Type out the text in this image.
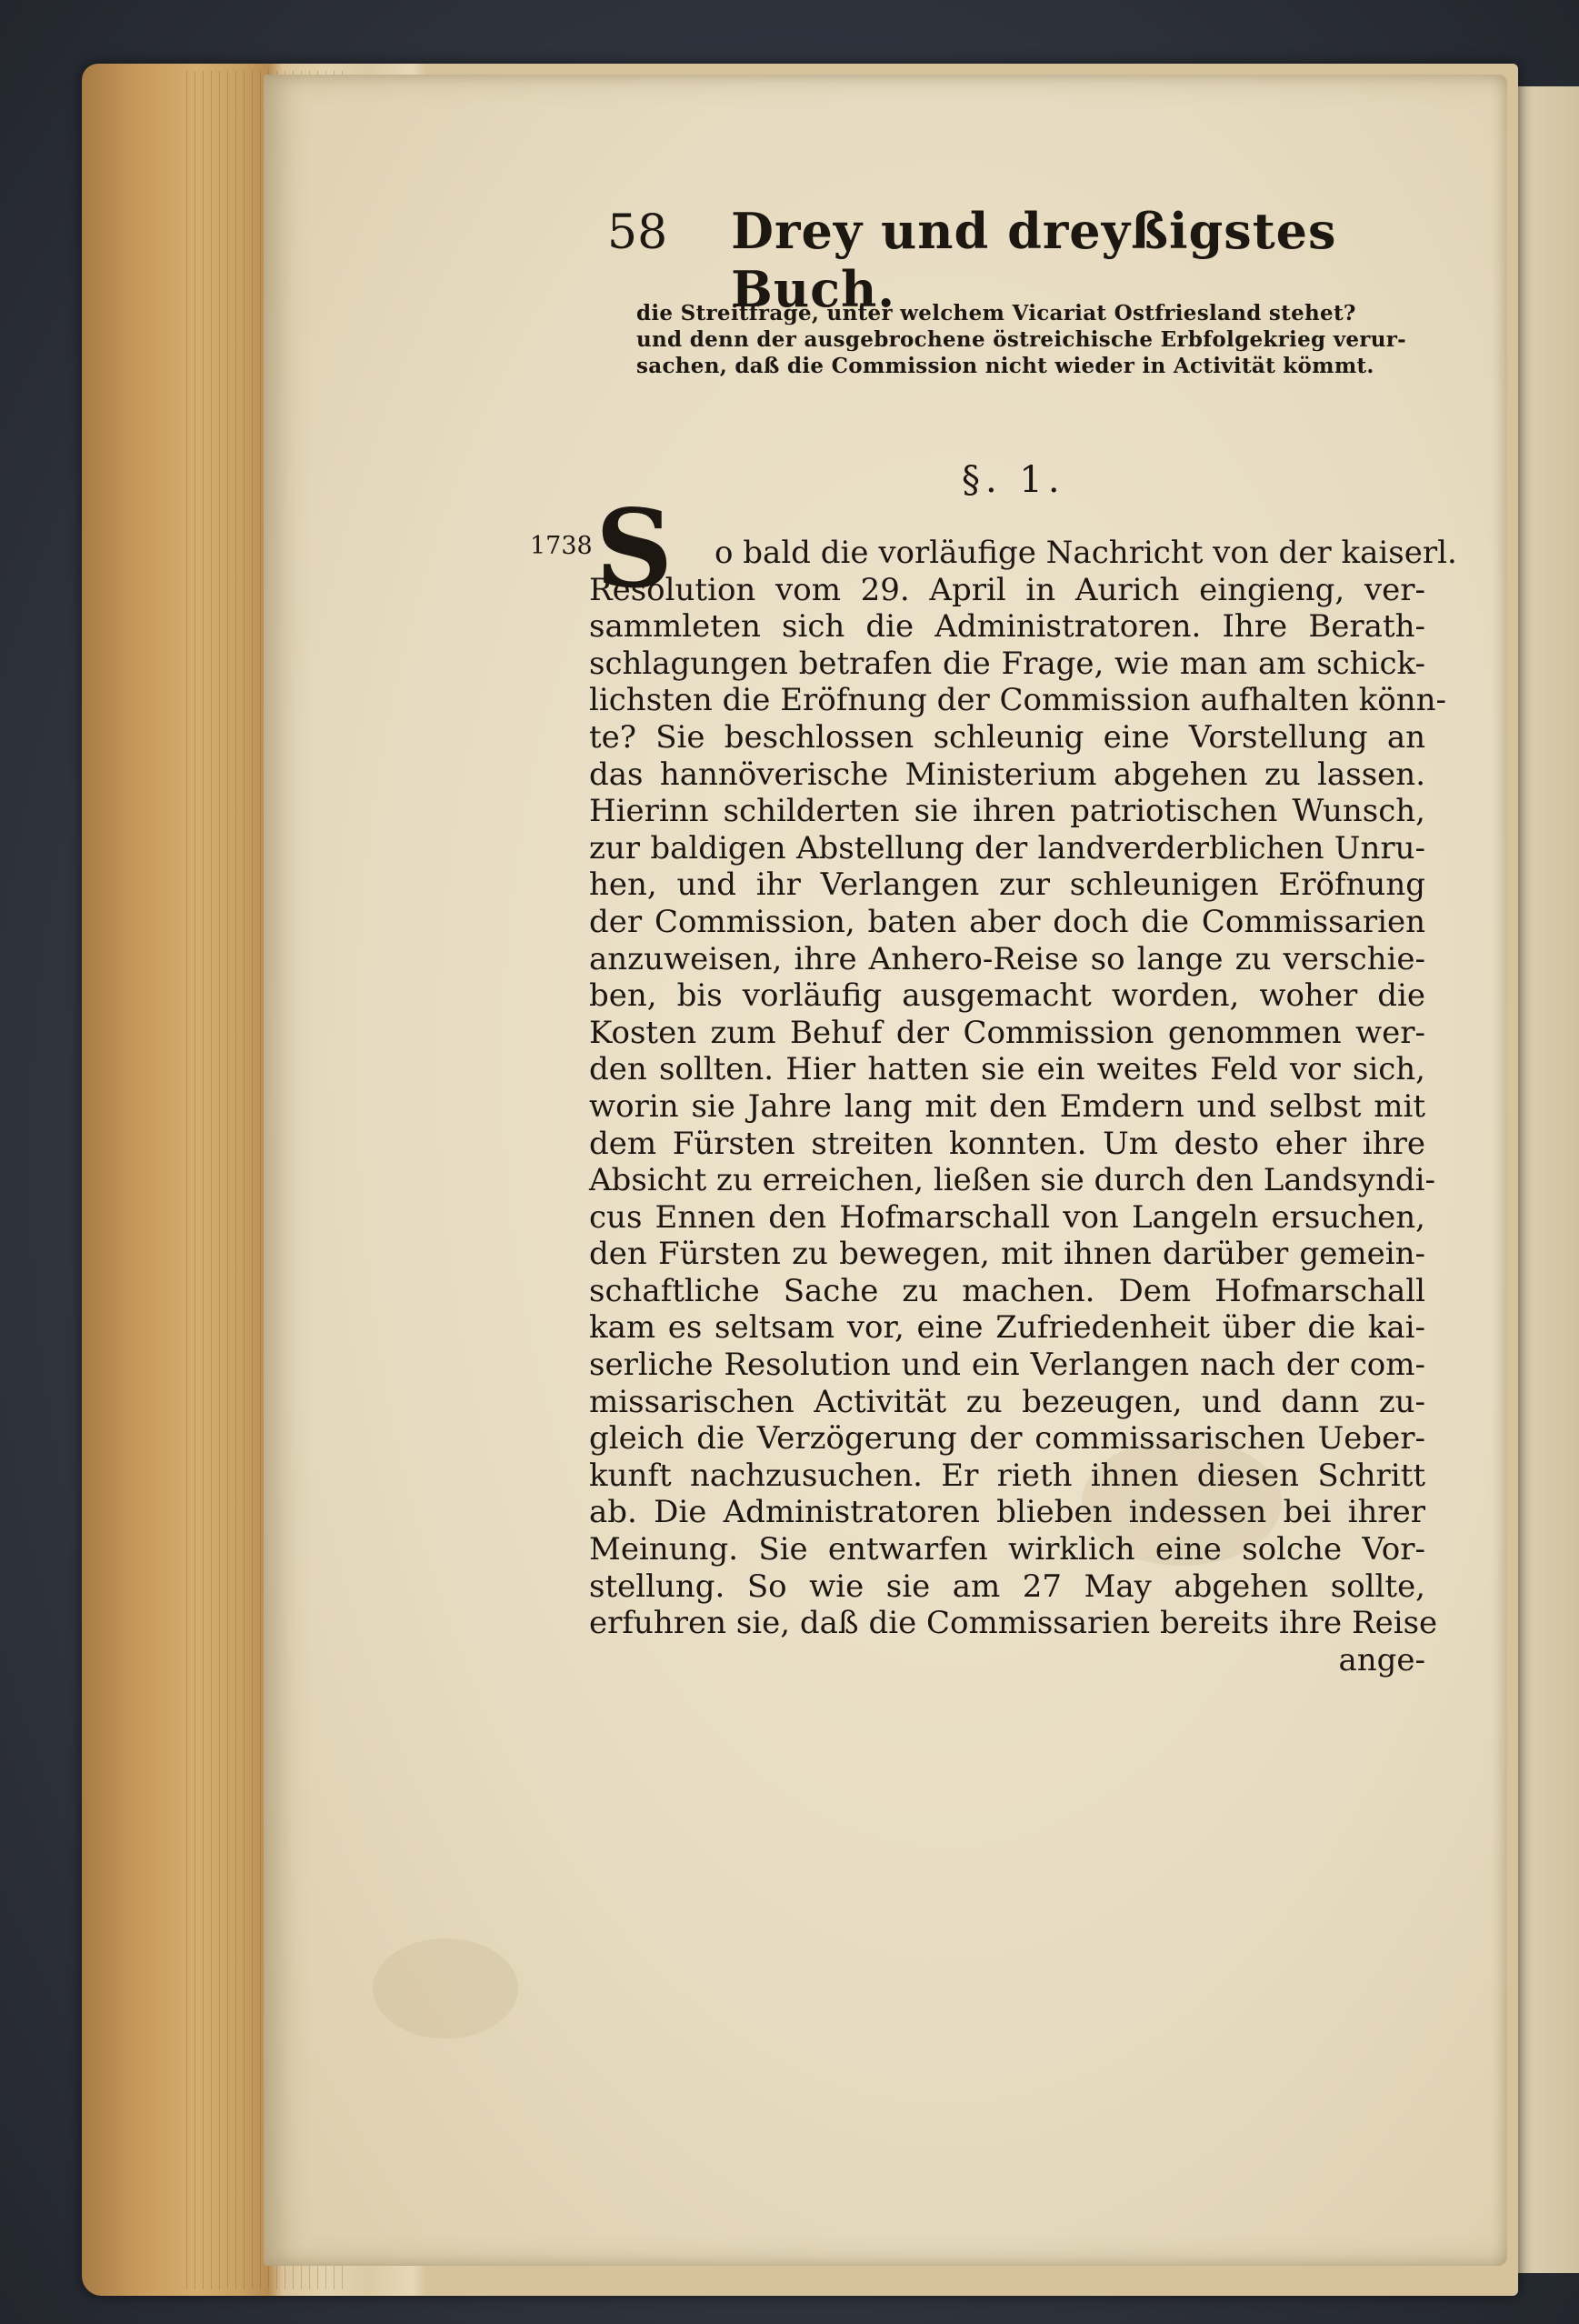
58 Drey und dreyßigstes Buch.
die Streitfrage, unter welchem Vicariat Ostfriesland stehet?
und denn der ausgebrochene östreichische Erbfolgekrieg verur-
sachen, daß die Commission nicht wieder in Activität kömmt.
§. 1.
1738 S	o bald die vorläufige Nachricht von der kaiserl.
Resolution vom 29. April in Aurich eingieng, ver-
sammleten sich die Administratoren. Ihre Berath-
schlagungen betrafen die Frage, wie man am schick-
lichsten die Eröfnung der Commission aufhalten könn-
te? Sie beschlossen schleunig eine Vorstellung an
das hannöverische Ministerium abgehen zu lassen.
Hierinn schilderten sie ihren patriotischen Wunsch,
zur baldigen Abstellung der landverderblichen Unru-
hen, und ihr Verlangen zur schleunigen Eröfnung
der Commission, baten aber doch die Commissarien
anzuweisen, ihre Anhero-Reise so lange zu verschie-
ben, bis vorläufig ausgemacht worden, woher die
Kosten zum Behuf der Commission genommen wer-
den sollten. Hier hatten sie ein weites Feld vor sich,
worin sie Jahre lang mit den Emdern und selbst mit
dem Fürsten streiten konnten. Um desto eher ihre
Absicht zu erreichen, ließen sie durch den Landsyndi-
cus Ennen den Hofmarschall von Langeln ersuchen,
den Fürsten zu bewegen, mit ihnen darüber gemein-
schaftliche Sache zu machen. Dem Hofmarschall
kam es seltsam vor, eine Zufriedenheit über die kai-
serliche Resolution und ein Verlangen nach der com-
missarischen Activität zu bezeugen, und dann zu-
gleich die Verzögerung der commissarischen Ueber-
kunft nachzusuchen. Er rieth ihnen diesen Schritt
ab. Die Administratoren blieben indessen bei ihrer
Meinung. Sie entwarfen wirklich eine solche Vor-
stellung. So wie sie am 27 May abgehen sollte,
erfuhren sie, daß die Commissarien bereits ihre Reise
ange-
